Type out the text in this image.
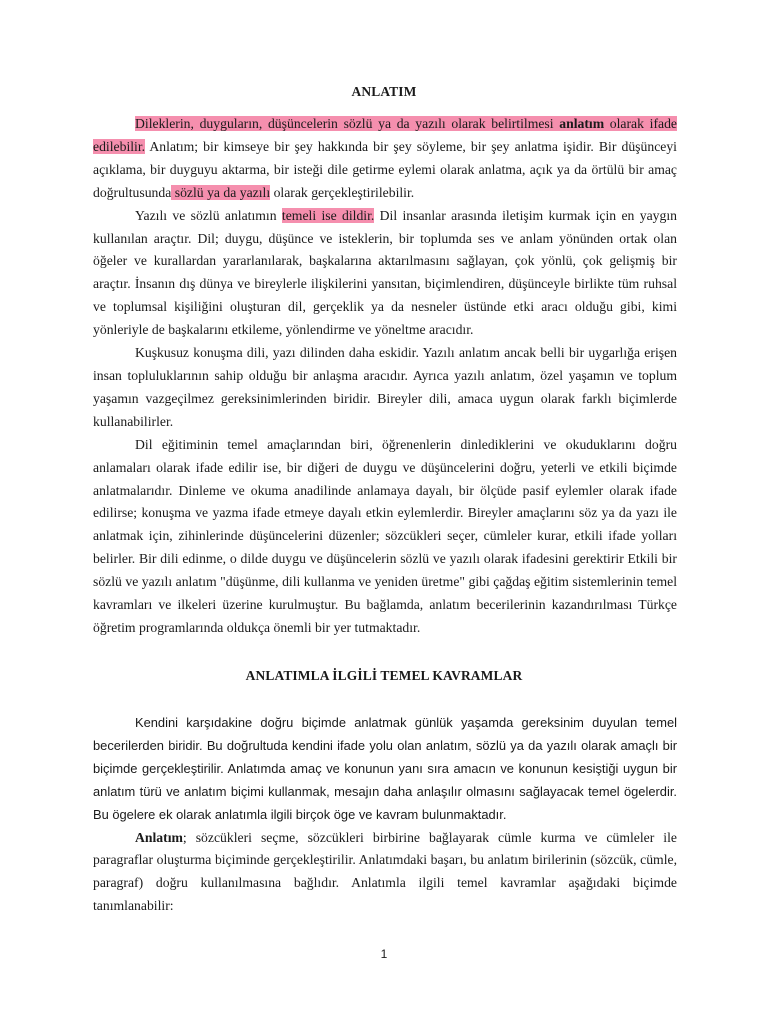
ANLATIM

Dileklerin, duyguların, düşüncelerin sözlü ya da yazılı olarak belirtilmesi anlatım olarak ifade edilebilir. Anlatım; bir kimseye bir şey hakkında bir şey söyleme, bir şey anlatma işidir. Bir düşünceyi açıklama, bir duyguyu aktarma, bir isteği dile getirme eylemi olarak anlatma, açık ya da örtülü bir amaç doğrultusunda sözlü ya da yazılı olarak gerçekleştirilebilir.

Yazılı ve sözlü anlatımın temeli ise dildir. Dil insanlar arasında iletişim kurmak için en yaygın kullanılan araçtır. Dil; duygu, düşünce ve isteklerin, bir toplumda ses ve anlam yönünden ortak olan öğeler ve kurallardan yararlanılarak, başkalarına aktarılmasını sağlayan, çok yönlü, çok gelişmiş bir araçtır. İnsanın dış dünya ve bireylerle ilişkilerini yansıtan, biçimlendiren, düşünceyle birlikte tüm ruhsal ve toplumsal kişiliğini oluşturan dil, gerçeklik ya da nesneler üstünde etki aracı olduğu gibi, kimi yönleriyle de başkalarını etkileme, yönlendirme ve yöneltme aracıdır.

Kuşkusuz konuşma dili, yazı dilinden daha eskidir. Yazılı anlatım ancak belli bir uygarlığa erişen insan topluluklarının sahip olduğu bir anlaşma aracıdır. Ayrıca yazılı anlatım, özel yaşamın ve toplum yaşamın vazgeçilmez gereksinimlerinden biridir. Bireyler dili, amaca uygun olarak farklı biçimlerde kullanabilirler.

Dil eğitiminin temel amaçlarından biri, öğrenenlerin dinlediklerini ve okuduklarını doğru anlamaları olarak ifade edilir ise, bir diğeri de duygu ve düşüncelerini doğru, yeterli ve etkili biçimde anlatmalarıdır. Dinleme ve okuma anadilinde anlamaya dayalı, bir ölçüde pasif eylemler olarak ifade edilirse; konuşma ve yazma ifade etmeye dayalı etkin eylemlerdir. Bireyler amaçlarını söz ya da yazı ile anlatmak için, zihinlerinde düşüncelerini düzenler; sözcükleri seçer, cümleler kurar, etkili ifade yolları belirler. Bir dili edinme, o dilde duygu ve düşüncelerin sözlü ve yazılı olarak ifadesini gerektirir Etkili bir sözlü ve yazılı anlatım "düşünme, dili kullanma ve yeniden üretme" gibi çağdaş eğitim sistemlerinin temel kavramları ve ilkeleri üzerine kurulmuştur. Bu bağlamda, anlatım becerilerinin kazandırılması Türkçe öğretim programlarında oldukça önemli bir yer tutmaktadır.

ANLATIMLA İLGİLİ TEMEL KAVRAMLAR

Kendini karşıdakine doğru biçimde anlatmak günlük yaşamda gereksinim duyulan temel becerilerden biridir. Bu doğrultuda kendini ifade yolu olan anlatım, sözlü ya da yazılı olarak amaçlı bir biçimde gerçekleştirilir. Anlatımda amaç ve konunun yanı sıra amacın ve konunun kesiştiği uygun bir anlatım türü ve anlatım biçimi kullanmak, mesajın daha anlaşılır olmasını sağlayacak temel ögelerdir. Bu ögelere ek olarak anlatımla ilgili birçok öge ve kavram bulunmaktadır.

Anlatım; sözcükleri seçme, sözcükleri birbirine bağlayarak cümle kurma ve cümleler ile paragraflar oluşturma biçiminde gerçekleştirilir. Anlatımdaki başarı, bu anlatım birilerinin (sözcük, cümle, paragraf) doğru kullanılmasına bağlıdır. Anlatımla ilgili temel kavramlar aşağıdaki biçimde tanımlanabilir:

1
